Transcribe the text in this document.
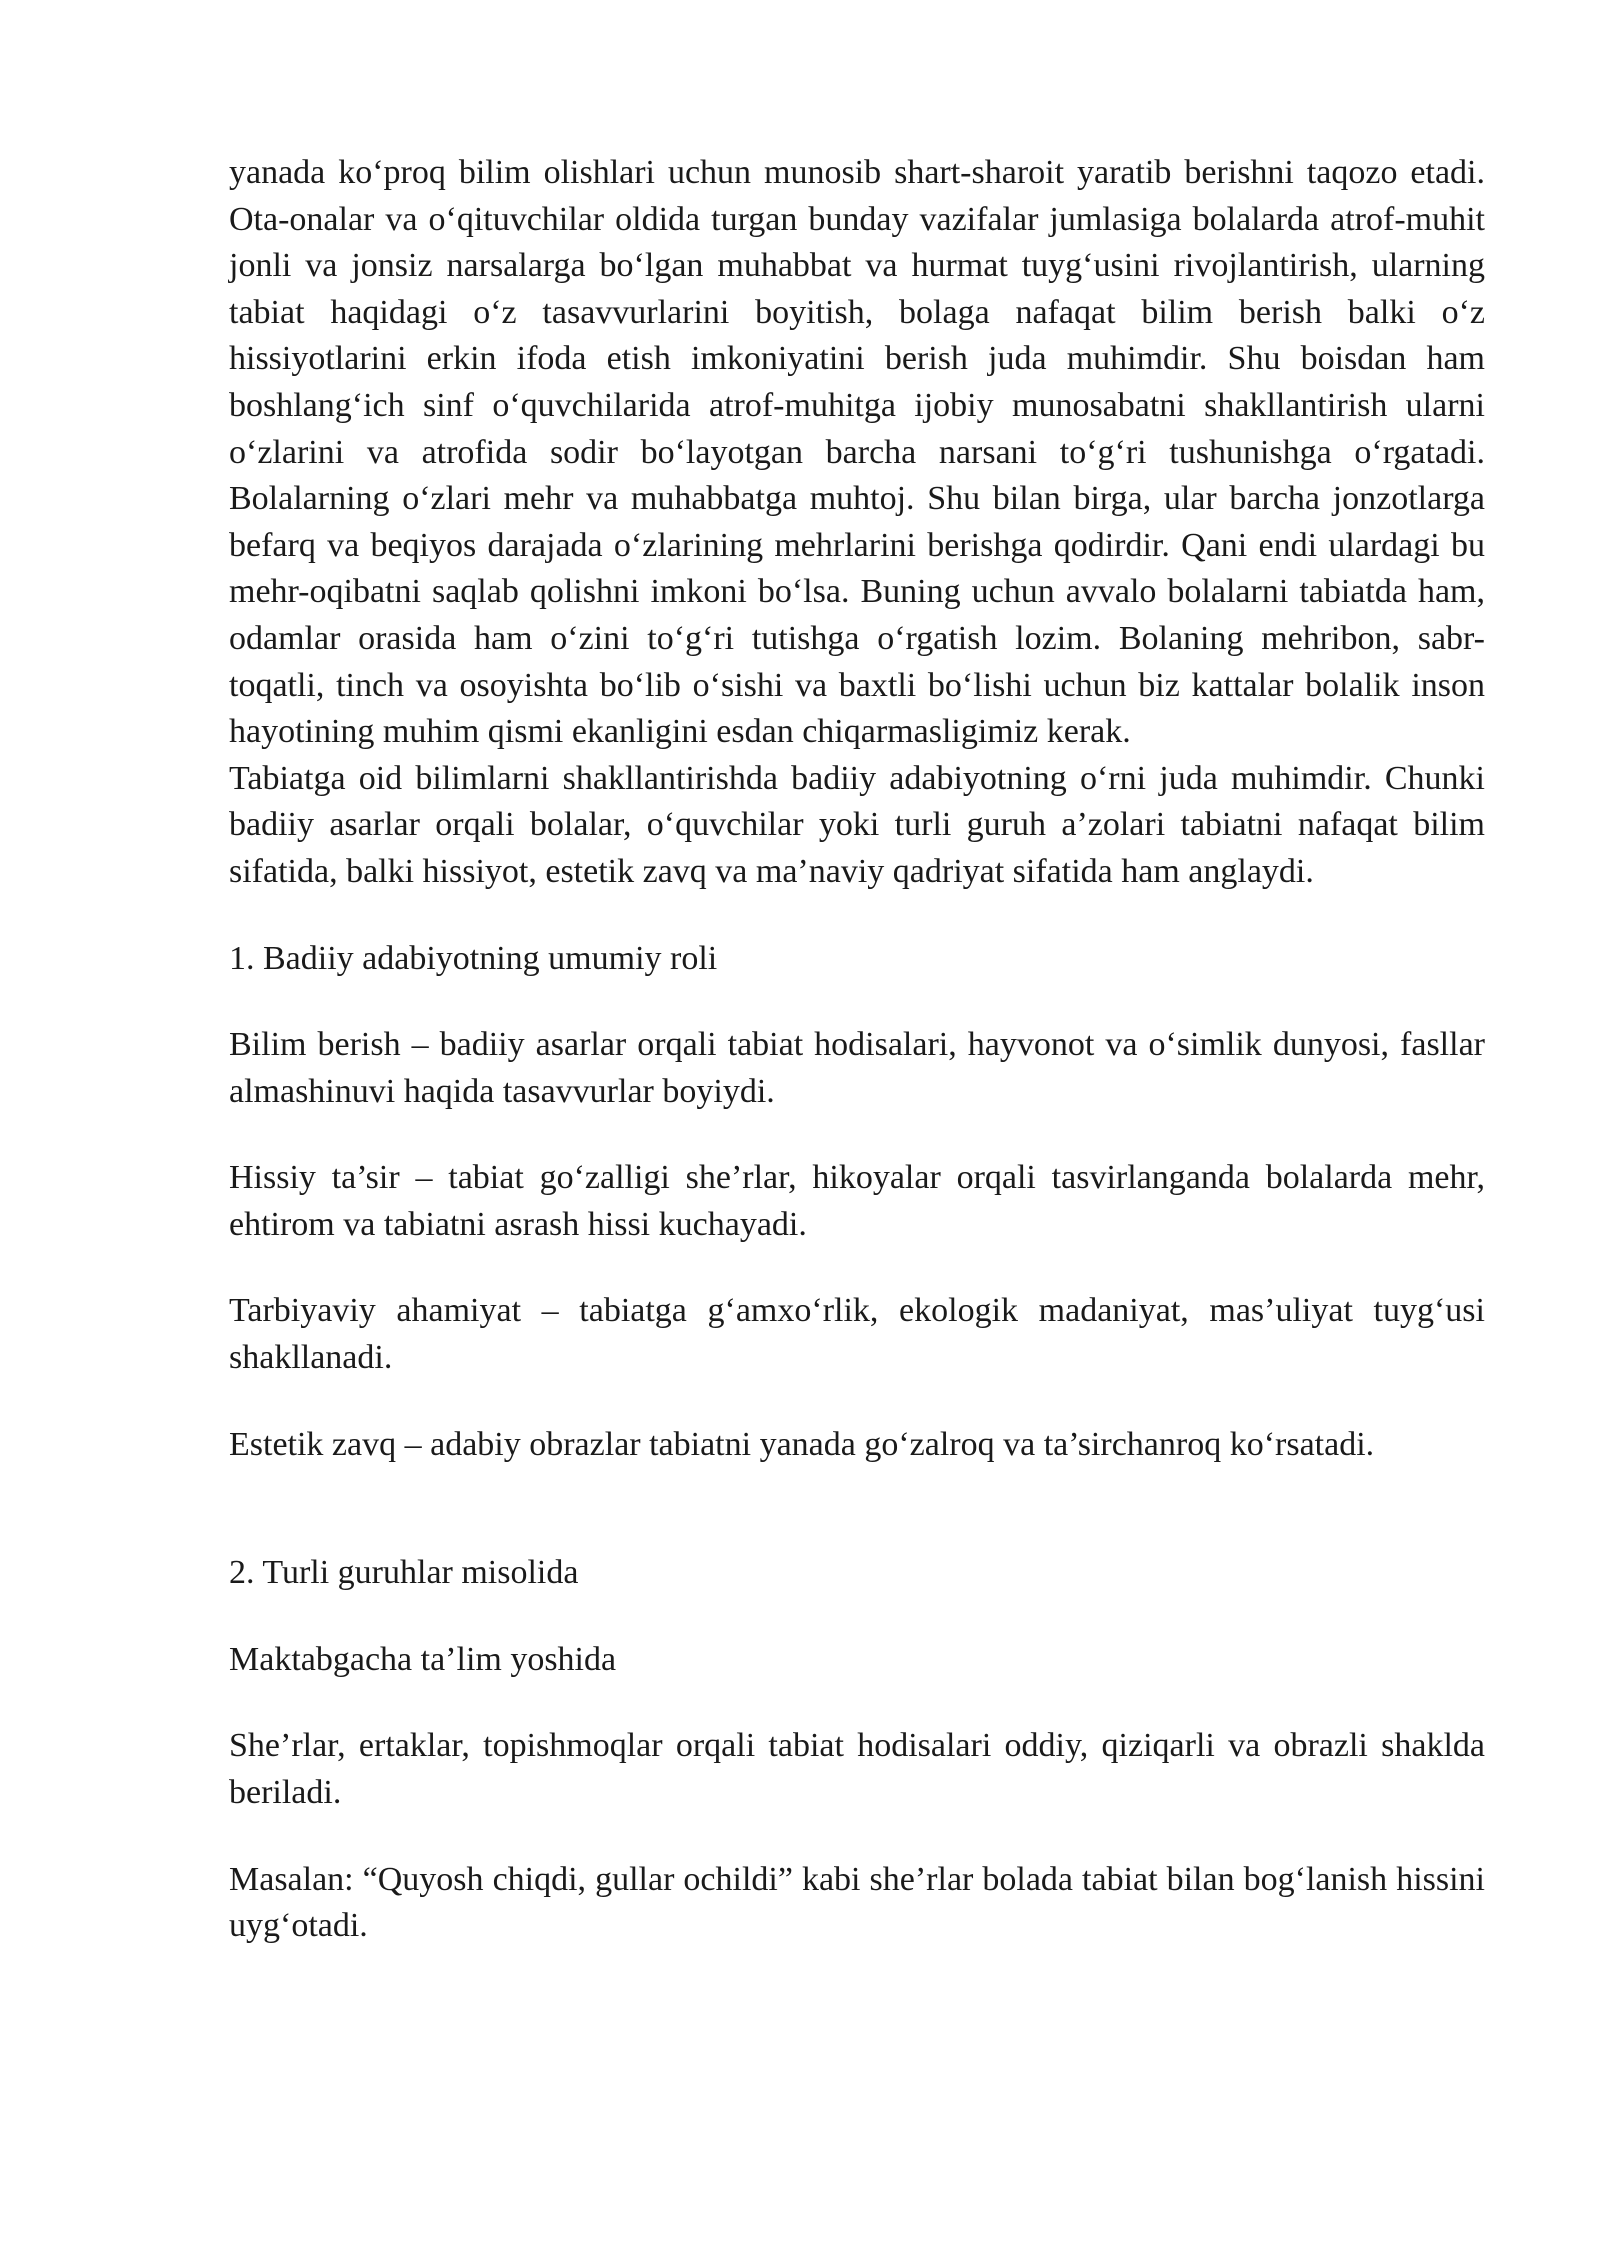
yanada ko‘proq bilim olishlari uchun munosib shart-sharoit yaratib berishni taqozo etadi. Ota-onalar va o‘qituvchilar oldida turgan bunday vazifalar jumlasiga bolalarda atrof-muhit jonli va jonsiz narsalarga bo‘lgan muhabbat va hurmat tuyg‘usini rivojlantirish, ularning tabiat haqidagi o‘z tasavvurlarini boyitish, bolaga nafaqat bilim berish balki o‘z hissiyotlarini erkin ifoda etish imkoniyatini berish juda muhimdir. Shu boisdan ham boshlang‘ich sinf o‘quvchilarida atrof-muhitga ijobiy munosabatni shakllantirish ularni o‘zlarini va atrofida sodir bo‘layotgan barcha narsani to‘g‘ri tushunishga o‘rgatadi. Bolalarning o‘zlari mehr va muhabbatga muhtoj. Shu bilan birga, ular barcha jonzotlarga befarq va beqiyos darajada o‘zlarining mehrlarini berishga qodirdir. Qani endi ulardagi bu mehr-oqibatni saqlab qolishni imkoni bo‘lsa. Buning uchun avvalo bolalarni tabiatda ham, odamlar orasida ham o‘zini to‘g‘ri tutishga o‘rgatish lozim. Bolaning mehribon, sabr-toqatli, tinch va osoyishta bo‘lib o‘sishi va baxtli bo‘lishi uchun biz kattalar bolalik inson hayotining muhim qismi ekanligini esdan chiqarmasligimiz kerak.

Tabiatga oid bilimlarni shakllantirishda badiiy adabiyotning o‘rni juda muhimdir. Chunki badiiy asarlar orqali bolalar, o‘quvchilar yoki turli guruh a’zolari tabiatni nafaqat bilim sifatida, balki hissiyot, estetik zavq va ma’naviy qadriyat sifatida ham anglaydi.

1. Badiiy adabiyotning umumiy roli

Bilim berish – badiiy asarlar orqali tabiat hodisalari, hayvonot va o‘simlik dunyosi, fasllar almashinuvi haqida tasavvurlar boyiydi.

Hissiy ta’sir – tabiat go‘zalligi she’rlar, hikoyalar orqali tasvirlanganda bolalarda mehr, ehtirom va tabiatni asrash hissi kuchayadi.

Tarbiyaviy ahamiyat – tabiatga g‘amxo‘rlik, ekologik madaniyat, mas’uliyat tuyg‘usi shakllanadi.

Estetik zavq – adabiy obrazlar tabiatni yanada go‘zalroq va ta’sirchanroq ko‘rsatadi.

2. Turli guruhlar misolida

Maktabgacha ta’lim yoshida

She’rlar, ertaklar, topishmoqlar orqali tabiat hodisalari oddiy, qiziqarli va obrazli shaklda beriladi.

Masalan: “Quyosh chiqdi, gullar ochildi” kabi she’rlar bolada tabiat bilan bog‘lanish hissini uyg‘otadi.
